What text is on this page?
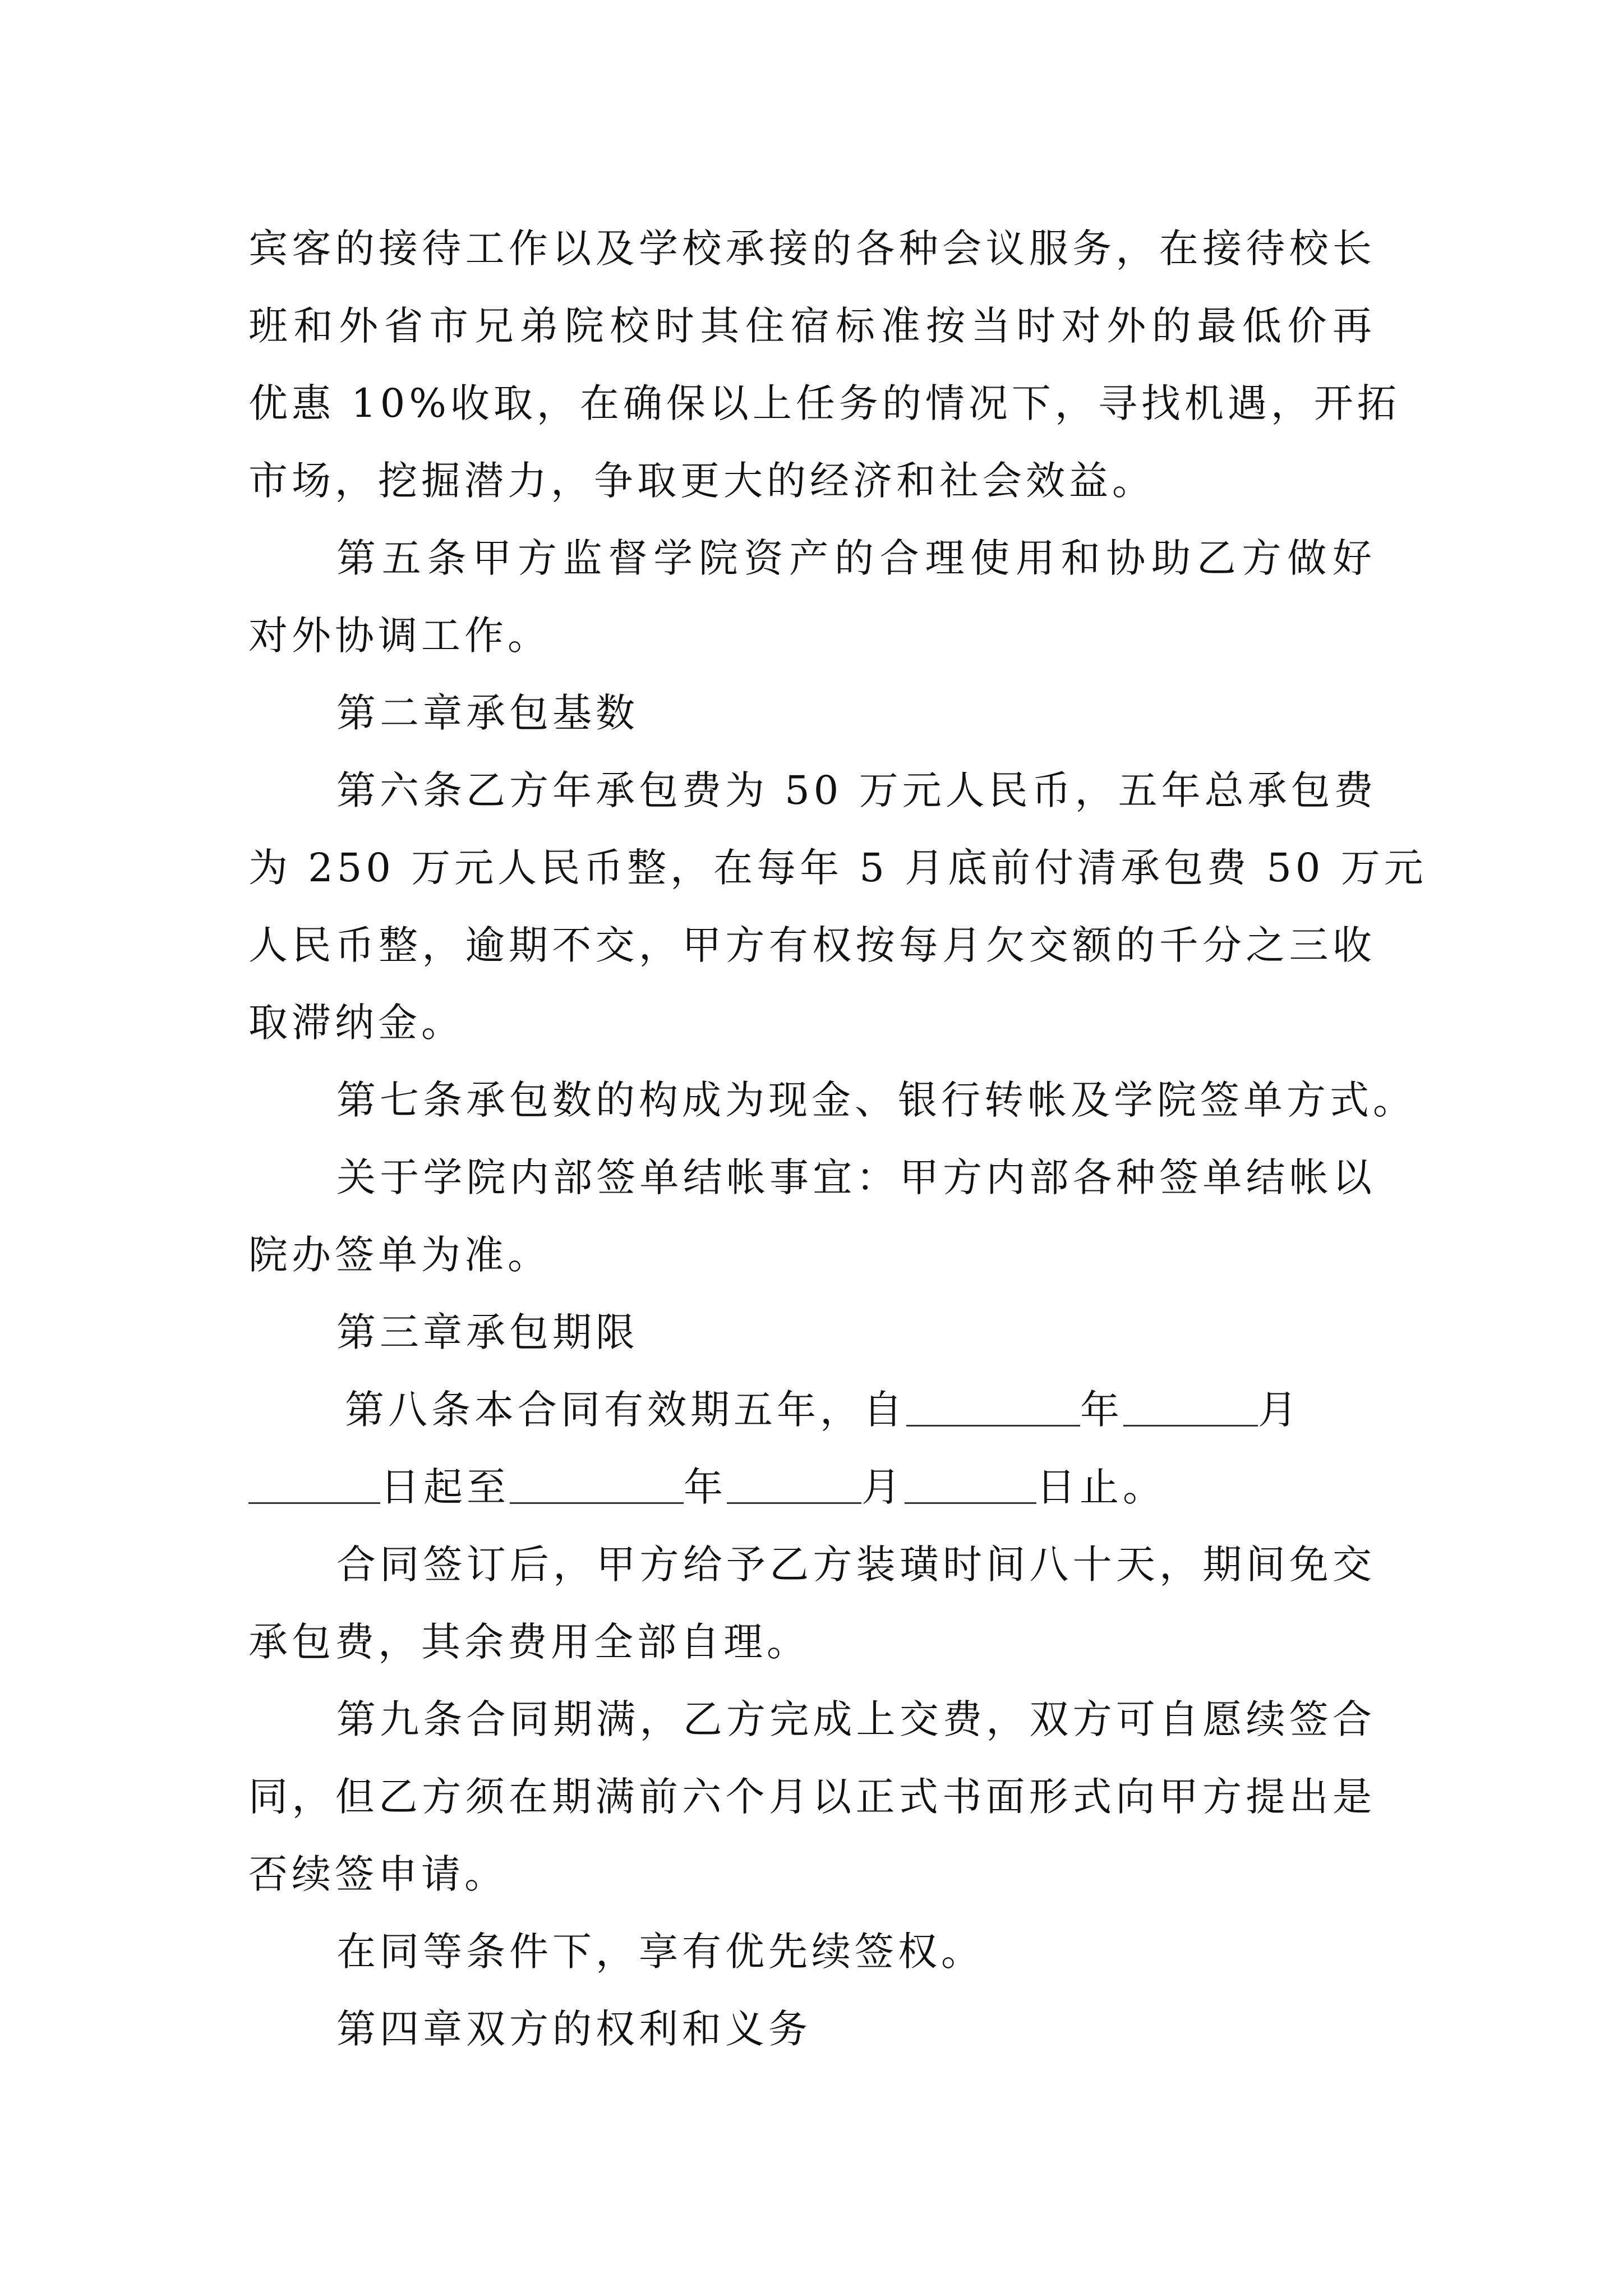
宾客的接待工作以及学校承接的各种会议服务，在接待校长
班和外省市兄弟院校时其住宿标准按当时对外的最低价再
优惠 10%收取，在确保以上任务的情况下，寻找机遇，开拓
市场，挖掘潜力，争取更大的经济和社会效益。
第五条甲方监督学院资产的合理使用和协助乙方做好
对外协调工作。
第二章承包基数
第六条乙方年承包费为 50 万元人民币，五年总承包费
为 250 万元人民币整，在每年 5 月底前付清承包费 50 万元
人民币整，逾期不交，甲方有权按每月欠交额的千分之三收
取滞纳金。
第七条承包数的构成为现金、银行转帐及学院签单方式。
关于学院内部签单结帐事宜：甲方内部各种签单结帐以
院办签单为准。
第三章承包期限
第八条本合同有效期五年，自	年	月
日起至	年	月	日止。
合同签订后，甲方给予乙方装璜时间八十天，期间免交
承包费，其余费用全部自理。
第九条合同期满，乙方完成上交费，双方可自愿续签合
同，但乙方须在期满前六个月以正式书面形式向甲方提出是
否续签申请。
在同等条件下，享有优先续签权。
第四章双方的权利和义务
